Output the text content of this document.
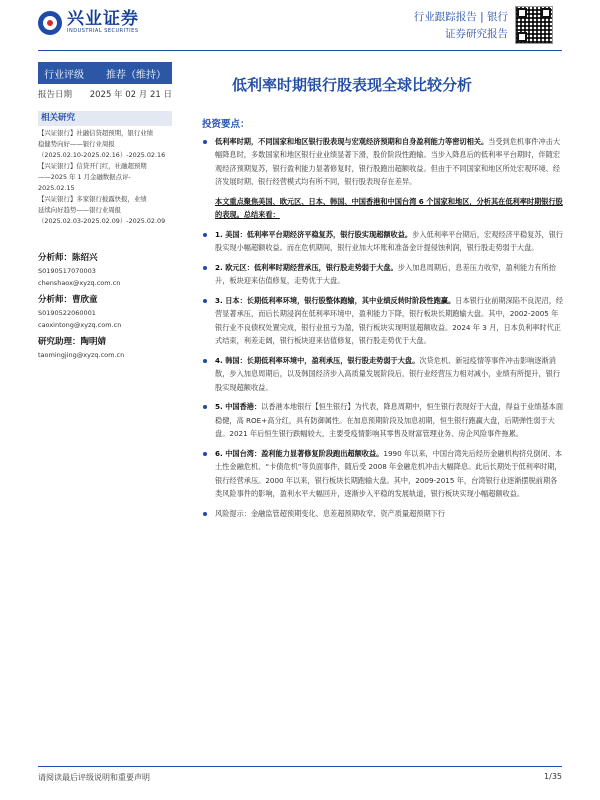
兴业证券
INDUSTRIAL SECURITIES
行业跟踪报告 | 银行
证券研究报告
行业评级 推荐（维持）
报告日期 2025 年 02 月 21 日
低利率时期银行股表现全球比较分析
相关研究

【兴证银行】社融信贷超预期，银行业绩

稳健势向好——银行业周报

（2025.02.10-2025.02.16）-2025.02.16

【兴证银行】信贷开门红，社融超预期

——2025 年 1 月金融数据点评-

2025.02.15

【兴证银行】多家银行披露快报，业绩

延续向好趋势——银行业周报

（2025.02.03-2025.02.09）-2025.02.09

分析师：陈绍兴
S0190517070003
chenshaox@xyzq.com.cn
分析师：曹欣童
S0190522060001
caoxintong@xyzq.com.cn
研究助理：陶明婧
taomingjing@xyzq.com.cn
投资要点：
低利率时期，不同国家和地区银行股表现与宏观经济预期和自身盈利能力等密切相关。当受到危机事件冲击大幅降息时，多数国家和地区银行业业绩显著下滑，股价阶段性跑输。当步入降息后的低利率平台期时，伴随宏观经济预期复苏，银行盈利能力显著修复时，银行股跑出超额收益。但由于不同国家和地区所处宏观环境、经济发展时期、银行经营模式均有所不同，银行股表现存在差异。
本文重点聚焦美国、欧元区、日本、韩国、中国香港和中国台湾 6 个国家和地区，分析其在低利率时期银行股的表现。总结来看：
1. 美国：低利率平台期经济平稳复苏，银行股实现超额收益。步入低利率平台期后，宏观经济平稳复苏，银行股实现小幅超额收益。而在危机期间，银行业加大坏账和准备金计提侵蚀利润，银行股走势弱于大盘。
2. 欧元区：低利率时期经营承压，银行股走势弱于大盘。步入加息周期后，息差压力收窄，盈利能力有所抬升，板块迎来估值修复，走势优于大盘。
3. 日本：长期低利率环境，银行股整体跑输，其中业绩反转时阶段性跑赢。日本银行业前期深陷不良泥沼，经营显著承压，而后长期浸润在低利率环境中，盈利能力下降，银行板块长期跑输大盘。其中，2002-2005 年银行业不良债权处置完成，银行业扭亏为盈，银行板块实现明显超额收益。2024 年 3 月，日本负利率时代正式结束，利差走阔，银行板块迎来估值修复，银行股走势优于大盘。
4. 韩国：长期低利率环境中，盈利承压，银行股走势弱于大盘。次贷危机、新冠疫情等事件冲击影响逐渐消散，步入加息周期后，以及韩国经济步入高质量发展阶段后，银行业经营压力相对减小，业绩有所提升，银行股实现超额收益。
5. 中国香港：以香港本地银行【恒生银行】为代表，降息周期中，恒生银行表现好于大盘，得益于业绩基本面稳健，高 ROE+高分红，具有防御属性。在加息预期阶段及加息初期，恒生银行跑赢大盘，后期弹性弱于大盘。2021 年后恒生银行跌幅较大，主要受疫情影响其零售及财富管理业务、房企风险事件拖累。
6. 中国台湾：盈利能力显著修复阶段跑出超额收益。1990 年以来，中国台湾先后经历金融机构挤兑倒闭、本土性金融危机、“卡债危机”等负面事件，随后受 2008 年金融危机冲击大幅降息。此后长期处于低利率时期，银行经营承压。2000 年以来，银行板块长期跑输大盘。其中，2009-2015 年，台湾银行业逐渐摆脱前期各类风险事件的影响，盈利水平大幅回升，逐渐步入平稳的发展轨道，银行板块实现小幅超额收益。
风险提示：金融监管超预期变化、息差超预期收窄、资产质量超预期下行
请阅读最后评级说明和重要声明	1/35
